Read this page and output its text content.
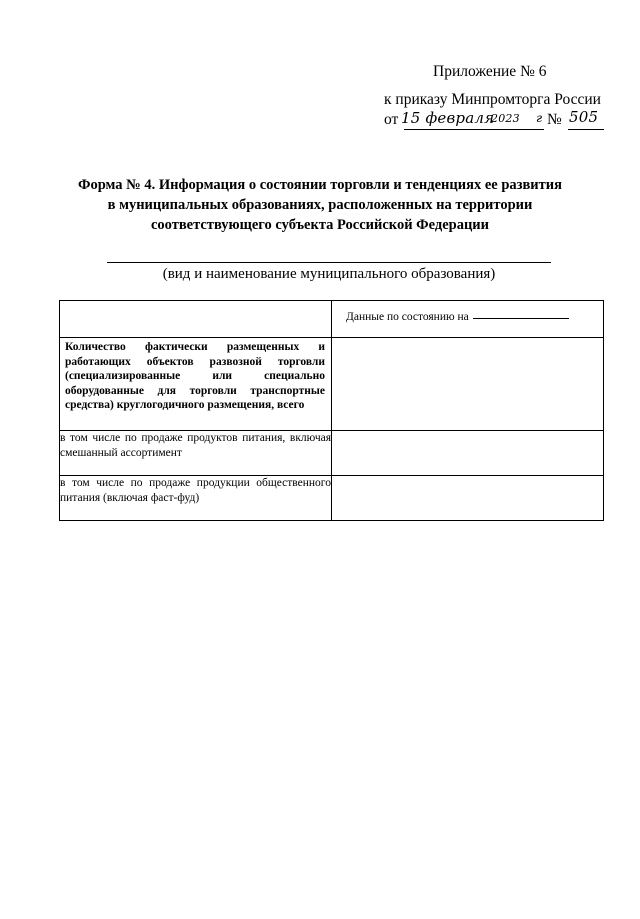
Приложение № 6
к приказу Минпромторга России
от 15 февраля
2023 г № 505
Форма № 4. Информация о состоянии торговли и тенденциях ее развития
в муниципальных образованиях, расположенных на территории
соответствующего субъекта Российской Федерации
(вид и наименование муниципального образования)
	Данные по состоянию на
Количество фактически размещенных и работающих объектов развозной торговли (специализированные или специально оборудованные для торговли транспортные средства) круглогодичного размещения, всего	
в том числе по продаже продуктов питания, включая смешанный ассортимент	
в том числе по продаже продукции общественного питания (включая фаст-фуд)	
